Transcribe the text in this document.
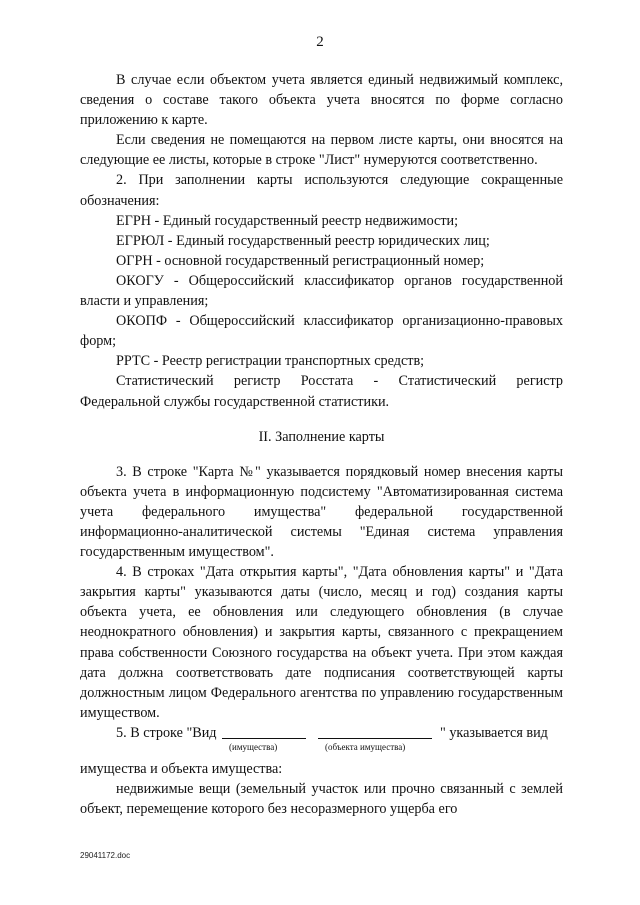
2

В случае если объектом учета является единый недвижимый комплекс, сведения о составе такого объекта учета вносятся по форме согласно приложению к карте.

Если сведения не помещаются на первом листе карты, они вносятся на следующие ее листы, которые в строке "Лист" нумеруются соответственно.

2. При заполнении карты используются следующие сокращенные обозначения:

ЕГРН - Единый государственный реестр недвижимости;

ЕГРЮЛ - Единый государственный реестр юридических лиц;

ОГРН - основной государственный регистрационный номер;

ОКОГУ - Общероссийский классификатор органов государственной власти и управления;

ОКОПФ - Общероссийский классификатор организационно-правовых форм;

РРТС - Реестр регистрации транспортных средств;

Статистический регистр Росстата - Статистический регистр Федеральной службы государственной статистики.

II. Заполнение карты

3. В строке "Карта №" указывается порядковый номер внесения карты объекта учета в информационную подсистему "Автоматизированная система учета федерального имущества" федеральной государственной информационно-аналитической системы "Единая система управления государственным имуществом".

4. В строках "Дата открытия карты", "Дата обновления карты" и "Дата закрытия карты" указываются даты (число, месяц и год) создания карты объекта учета, ее обновления или следующего обновления (в случае неоднократного обновления) и закрытия карты, связанного с прекращением права собственности Союзного государства на объект учета. При этом каждая дата должна соответствовать дате подписания соответствующей карты должностным лицом Федерального агентства по управлению государственным имуществом.

5. В строке "Вид	" указывается вид
(имущества)	(объекта имущества)

имущества и объекта имущества:

недвижимые вещи (земельный участок или прочно связанный с землей объект, перемещение которого без несоразмерного ущерба его

29041172.doc
